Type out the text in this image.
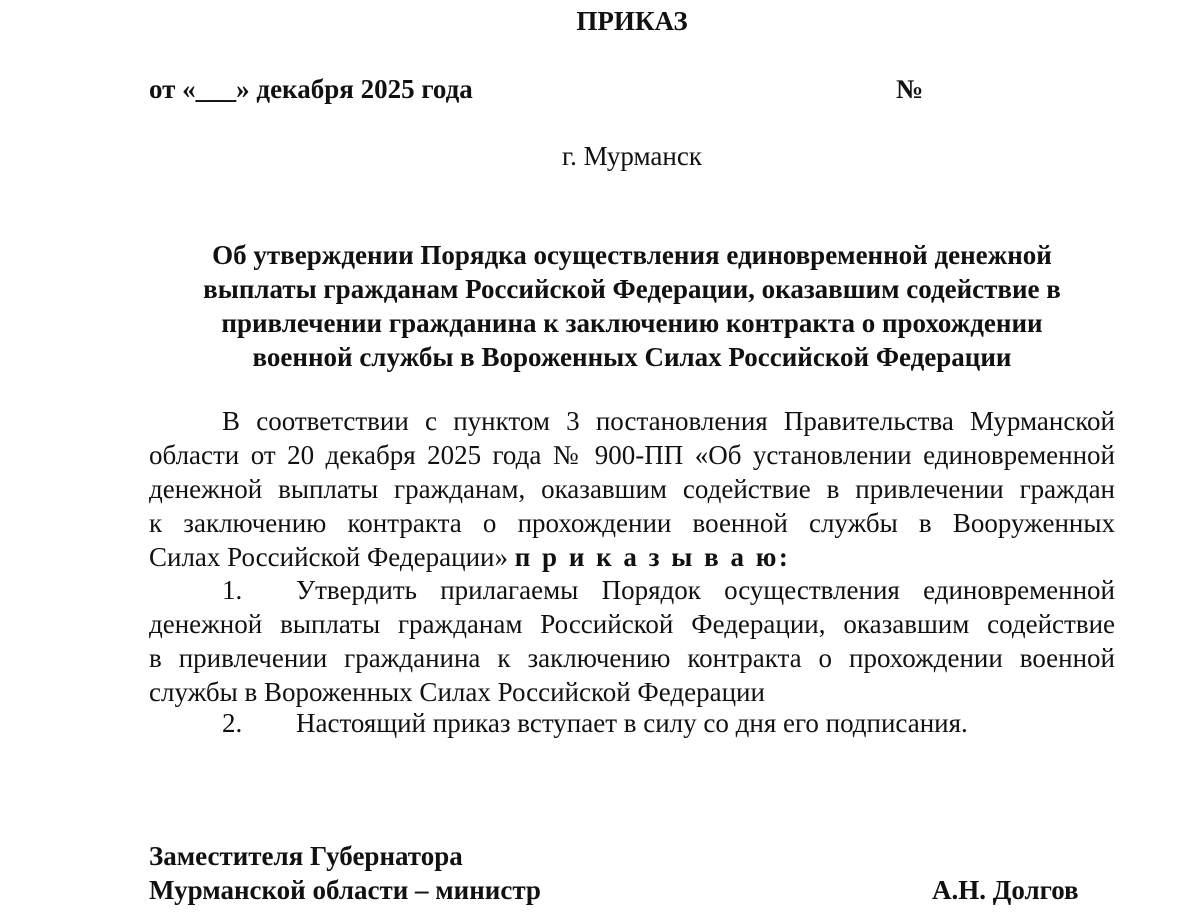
ПРИКАЗ
от «___» декабря 2025 года	№
г. Мурманск
Об утверждении Порядка осуществления единовременной денежной
выплаты гражданам Российской Федерации, оказавшим содействие в
привлечении гражданина к заключению контракта о прохождении
военной службы в Вороженных Силах Российской Федерации
В соответствии с пунктом 3 постановления Правительства Мурманской
области от 20 декабря 2025 года № 900-ПП «Об установлении единовременной
денежной выплаты гражданам, оказавшим содействие в привлечении граждан
к заключению контракта о прохождении военной службы в Вооруженных
Силах Российской Федерации» п р и к а з ы в а ю:
1. Утвердить прилагаемы Порядок осуществления единовременной
денежной выплаты гражданам Российской Федерации, оказавшим содействие
в привлечении гражданина к заключению контракта о прохождении военной
службы в Вороженных Силах Российской Федерации
2. Настоящий приказ вступает в силу со дня его подписания.
Заместителя Губернатора
Мурманской области – министр	А.Н. Долгов
